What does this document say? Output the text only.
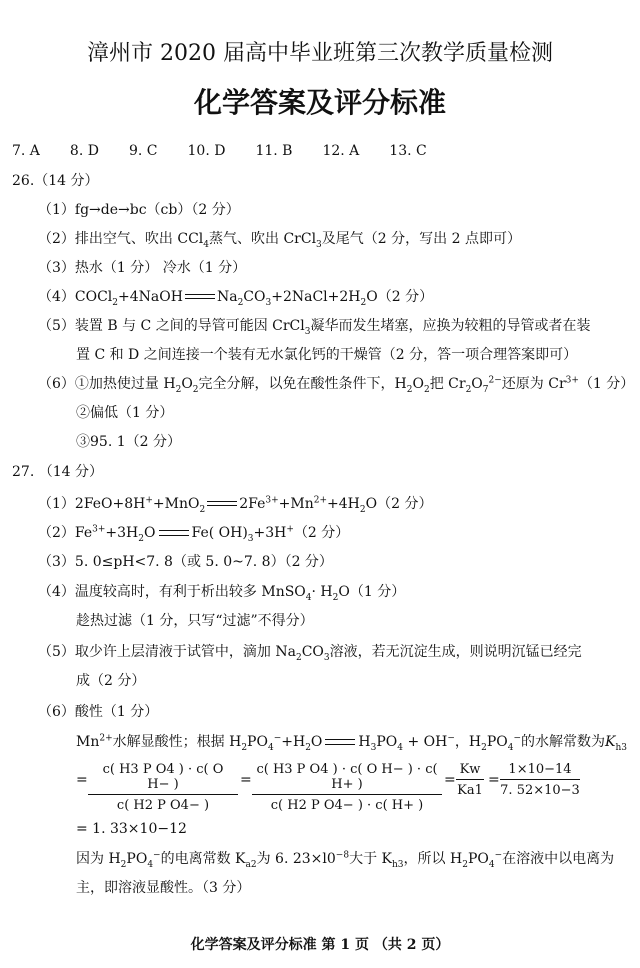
漳州市 2020 届高中毕业班第三次教学质量检测
化学答案及评分标准
7. A 8. D 9. C 10. D 11. B 12. A 13. C
26.（14 分）
（1）fg→de→bc（cb）（2 分）
（2）排出空气、吹出 CCl$_4$蒸气、吹出 CrCl$_3$及尾气（2 分，写出 2 点即可）
（3）热水（1 分） 冷水（1 分）
（4）COCl$_2$+4NaOH $Na_2CO_3+2NaCl+2H_2O(2$ 分）
（5）装置 B 与 C 之间的导管可能因 CrCl$_3$凝华而发生堵塞，应换为较粗的导管或者在装
置 C 和 D 之间连接一个装有无水氯化钙的干燥管（2 分，答一项合理答案即可）
（6）①加热使过量 $H_2O_2$完全分解，以免在酸性条件下，$H_2O_2$把 $Cr_2O_7^{2-}$还原为 $Cr^{3+}(1$ 分）
②偏低（1 分）
③95. 1（2 分）
27. （14 分）
（1）2FeO+8H++MnO$_2$ $2Fe^{3+}+Mn^{2+}+4H_2O(2$ 分）
$(2)Fe^{3+}+3H_2O$	Fe( $OH)_3+3H^+(2$ 分）
（3）5. 0≤pH<7. 8（或 5. 0~7. 8）（2 分）
（4）温度较高时，有利于析出较多 MnSO$_4$· $H_2O(1$ 分）
趁热过滤（1 分，只写“过滤”不得分）
（5）取少许上层清液于试管中，滴加 $Na_2CO_3$溶液，若无沉淀生成，则说明沉锰已经完
成（2 分）
（6）酸性（1 分）
$Mn^{2+}$水解显酸性；根据 $H_2PO_4^-+H_2O$	$H_3PO_4 + OH^-$，$H_2PO_4^-$的水解常数为$K_{h3}$
= $\frac{\text{c( H3 P O4 ) · c( O H− )}}{\text{c( H2 P O4− )}} = \frac{\text{c( H3 P O4 ) · c( O H− ) · c( H+ )}}{\text{c( H2 P O4− ) · c( H+ )}} = \frac{Kw}{Ka1} = \frac{1\times 10-14}{7. 52\times 10-3}$
= 1. 33×10−12
因为 $H_2PO_4^-$的电离常数 $K_{a2}$为 6. $23\times l0^{-8}$大于 $K_{h3}$，所以 $H_2PO_4^-$在溶液中以电离为
主，即溶液显酸性。（3 分）
化学答案及评分标准 第 1 页 （共 2 页）
